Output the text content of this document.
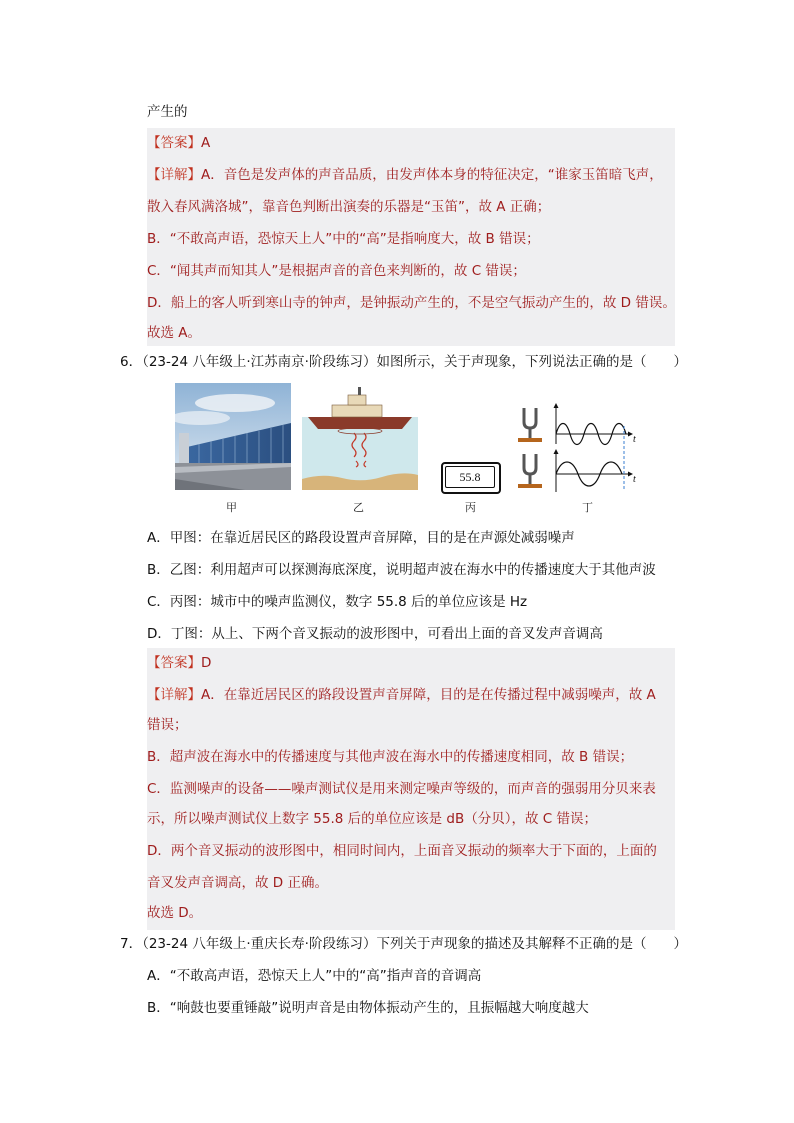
产生的
【答案】A
【详解】A．音色是发声体的声音品质，由发声体本身的特征决定，“谁家玉笛暗飞声，
散入春风满洛城”，靠音色判断出演奏的乐器是“玉笛”，故 A 正确；
B．“不敢高声语，恐惊天上人”中的“高”是指响度大，故 B 错误；
C．“闻其声而知其人”是根据声音的音色来判断的，故 C 错误；
D．船上的客人听到寒山寺的钟声，是钟振动产生的，不是空气振动产生的，故 D 错误。
故选 A。
6．（23-24 八年级上·江苏南京·阶段练习）如图所示，关于声现象，下列说法正确的是（　　）
55.8
t
t
甲	乙	丙	丁
A．甲图：在靠近居民区的路段设置声音屏障，目的是在声源处减弱噪声
B．乙图：利用超声可以探测海底深度，说明超声波在海水中的传播速度大于其他声波
C．丙图：城市中的噪声监测仪，数字 55.8 后的单位应该是 Hz
D．丁图：从上、下两个音叉振动的波形图中，可看出上面的音叉发声音调高
【答案】D
【详解】A．在靠近居民区的路段设置声音屏障，目的是在传播过程中减弱噪声，故 A
错误；
B．超声波在海水中的传播速度与其他声波在海水中的传播速度相同，故 B 错误；
C．监测噪声的设备——噪声测试仪是用来测定噪声等级的，而声音的强弱用分贝来表
示，所以噪声测试仪上数字 55.8 后的单位应该是 dB（分贝），故 C 错误；
D．两个音叉振动的波形图中，相同时间内，上面音叉振动的频率大于下面的，上面的
音叉发声音调高，故 D 正确。
故选 D。
7．（23-24 八年级上·重庆长寿·阶段练习）下列关于声现象的描述及其解释不正确的是（　　）
A．“不敢高声语，恐惊天上人”中的“高”指声音的音调高
B．“响鼓也要重锤敲”说明声音是由物体振动产生的，且振幅越大响度越大
